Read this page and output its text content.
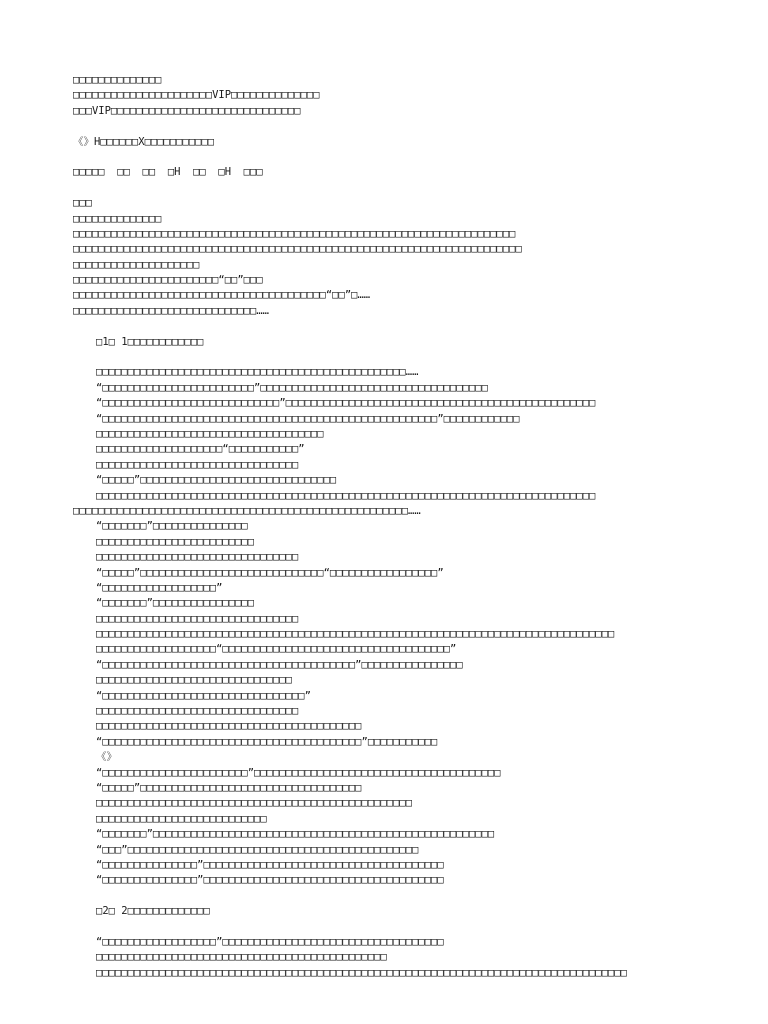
□□□□□□□□□□□□□□
□□□□□□□□□□□□□□□□□□□□□□VIP□□□□□□□□□□□□□□
□□□VIP□□□□□□□□□□□□□□□□□□□□□□□□□□□□□□
《》H□□□□□□X□□□□□□□□□□□
□□□□□  □□  □□  □H  □□  □H  □□□
□□□
□□□□□□□□□□□□□□
□□□□□□□□□□□□□□□□□□□□□□□□□□□□□□□□□□□□□□□□□□□□□□□□□□□□□□□□□□□□□□□□□□□□□□
□□□□□□□□□□□□□□□□□□□□□□□□□□□□□□□□□□□□□□□□□□□□□□□□□□□□□□□□□□□□□□□□□□□□□□□
□□□□□□□□□□□□□□□□□□□□
□□□□□□□□□□□□□□□□□□□□□□□“□□”□□□
□□□□□□□□□□□□□□□□□□□□□□□□□□□□□□□□□□□□□□□□“□□”□……
□□□□□□□□□□□□□□□□□□□□□□□□□□□□□……
□1□ 1□□□□□□□□□□□□
□□□□□□□□□□□□□□□□□□□□□□□□□□□□□□□□□□□□□□□□□□□□□□□□□……
“□□□□□□□□□□□□□□□□□□□□□□□□”□□□□□□□□□□□□□□□□□□□□□□□□□□□□□□□□□□□□
“□□□□□□□□□□□□□□□□□□□□□□□□□□□□”□□□□□□□□□□□□□□□□□□□□□□□□□□□□□□□□□□□□□□□□□□□□□□□□□
“□□□□□□□□□□□□□□□□□□□□□□□□□□□□□□□□□□□□□□□□□□□□□□□□□□□□□”□□□□□□□□□□□□
□□□□□□□□□□□□□□□□□□□□□□□□□□□□□□□□□□□□
□□□□□□□□□□□□□□□□□□□□“□□□□□□□□□□□”
□□□□□□□□□□□□□□□□□□□□□□□□□□□□□□□□
“□□□□□”□□□□□□□□□□□□□□□□□□□□□□□□□□□□□□□
□□□□□□□□□□□□□□□□□□□□□□□□□□□□□□□□□□□□□□□□□□□□□□□□□□□□□□□□□□□□□□□□□□□□□□□□□□□□□□□
□□□□□□□□□□□□□□□□□□□□□□□□□□□□□□□□□□□□□□□□□□□□□□□□□□□□□……
“□□□□□□□”□□□□□□□□□□□□□□□
□□□□□□□□□□□□□□□□□□□□□□□□□
□□□□□□□□□□□□□□□□□□□□□□□□□□□□□□□□
“□□□□□”□□□□□□□□□□□□□□□□□□□□□□□□□□□□□“□□□□□□□□□□□□□□□□□”
“□□□□□□□□□□□□□□□□□□”
“□□□□□□□”□□□□□□□□□□□□□□□□
□□□□□□□□□□□□□□□□□□□□□□□□□□□□□□□□
□□□□□□□□□□□□□□□□□□□□□□□□□□□□□□□□□□□□□□□□□□□□□□□□□□□□□□□□□□□□□□□□□□□□□□□□□□□□□□□□□□
□□□□□□□□□□□□□□□□□□□“□□□□□□□□□□□□□□□□□□□□□□□□□□□□□□□□□□□□”
“□□□□□□□□□□□□□□□□□□□□□□□□□□□□□□□□□□□□□□□□”□□□□□□□□□□□□□□□□
□□□□□□□□□□□□□□□□□□□□□□□□□□□□□□□
“□□□□□□□□□□□□□□□□□□□□□□□□□□□□□□□□”
□□□□□□□□□□□□□□□□□□□□□□□□□□□□□□□□
□□□□□□□□□□□□□□□□□□□□□□□□□□□□□□□□□□□□□□□□□□
“□□□□□□□□□□□□□□□□□□□□□□□□□□□□□□□□□□□□□□□□□”□□□□□□□□□□□
《》
“□□□□□□□□□□□□□□□□□□□□□□□”□□□□□□□□□□□□□□□□□□□□□□□□□□□□□□□□□□□□□□□
“□□□□□”□□□□□□□□□□□□□□□□□□□□□□□□□□□□□□□□□□□
□□□□□□□□□□□□□□□□□□□□□□□□□□□□□□□□□□□□□□□□□□□□□□□□□□
□□□□□□□□□□□□□□□□□□□□□□□□□□□
“□□□□□□□”□□□□□□□□□□□□□□□□□□□□□□□□□□□□□□□□□□□□□□□□□□□□□□□□□□□□□□
“□□□”□□□□□□□□□□□□□□□□□□□□□□□□□□□□□□□□□□□□□□□□□□□□□□
“□□□□□□□□□□□□□□□”□□□□□□□□□□□□□□□□□□□□□□□□□□□□□□□□□□□□□□
“□□□□□□□□□□□□□□□”□□□□□□□□□□□□□□□□□□□□□□□□□□□□□□□□□□□□□□
□2□ 2□□□□□□□□□□□□□
“□□□□□□□□□□□□□□□□□□”□□□□□□□□□□□□□□□□□□□□□□□□□□□□□□□□□□□
□□□□□□□□□□□□□□□□□□□□□□□□□□□□□□□□□□□□□□□□□□□□□□
□□□□□□□□□□□□□□□□□□□□□□□□□□□□□□□□□□□□□□□□□□□□□□□□□□□□□□□□□□□□□□□□□□□□□□□□□□□□□□□□□□□□
